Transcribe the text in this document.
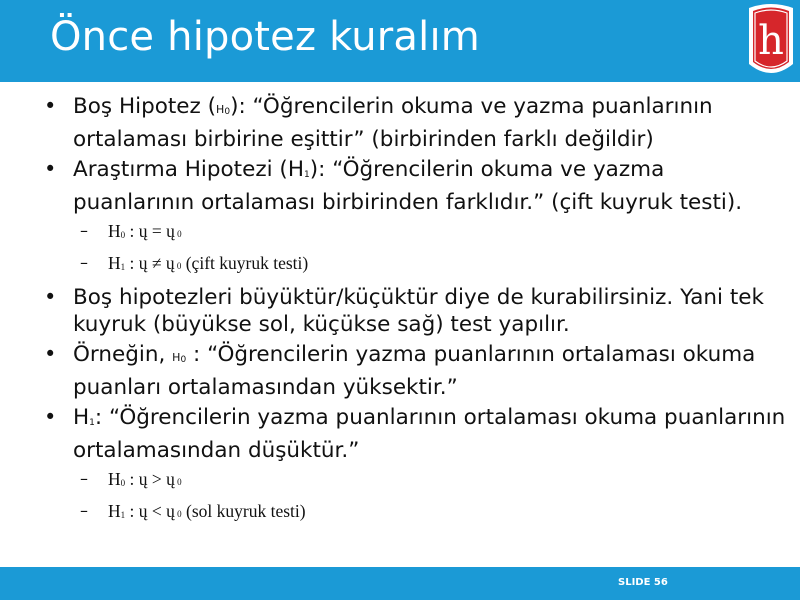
Önce hipotez kuralım	h
• Boş Hipotez (H0): “Öğrencilerin okuma ve yazma puanlarının ortalaması birbirine eşittir” (birbirinden farklı değildir)
• Araştırma Hipotezi (H1): “Öğrencilerin okuma ve yazma puanlarının ortalaması birbirinden farklıdır.” (çift kuyruk testi).
– H0 : ų = ų 0
– H1 : ų ≠ ų 0 (çift kuyruk testi)
• Boş hipotezleri büyüktür/küçüktür diye de kurabilirsiniz. Yani tek kuyruk (büyükse sol, küçükse sağ) test yapılır.
• Örneğin, H0 : “Öğrencilerin yazma puanlarının ortalaması okuma puanları ortalamasından yüksektir.”
• H1: “Öğrencilerin yazma puanlarının ortalaması okuma puanlarının ortalamasından düşüktür.”
– H0 : ų > ų 0
– H1 : ų < ų 0 (sol kuyruk testi)
SLIDE 56
